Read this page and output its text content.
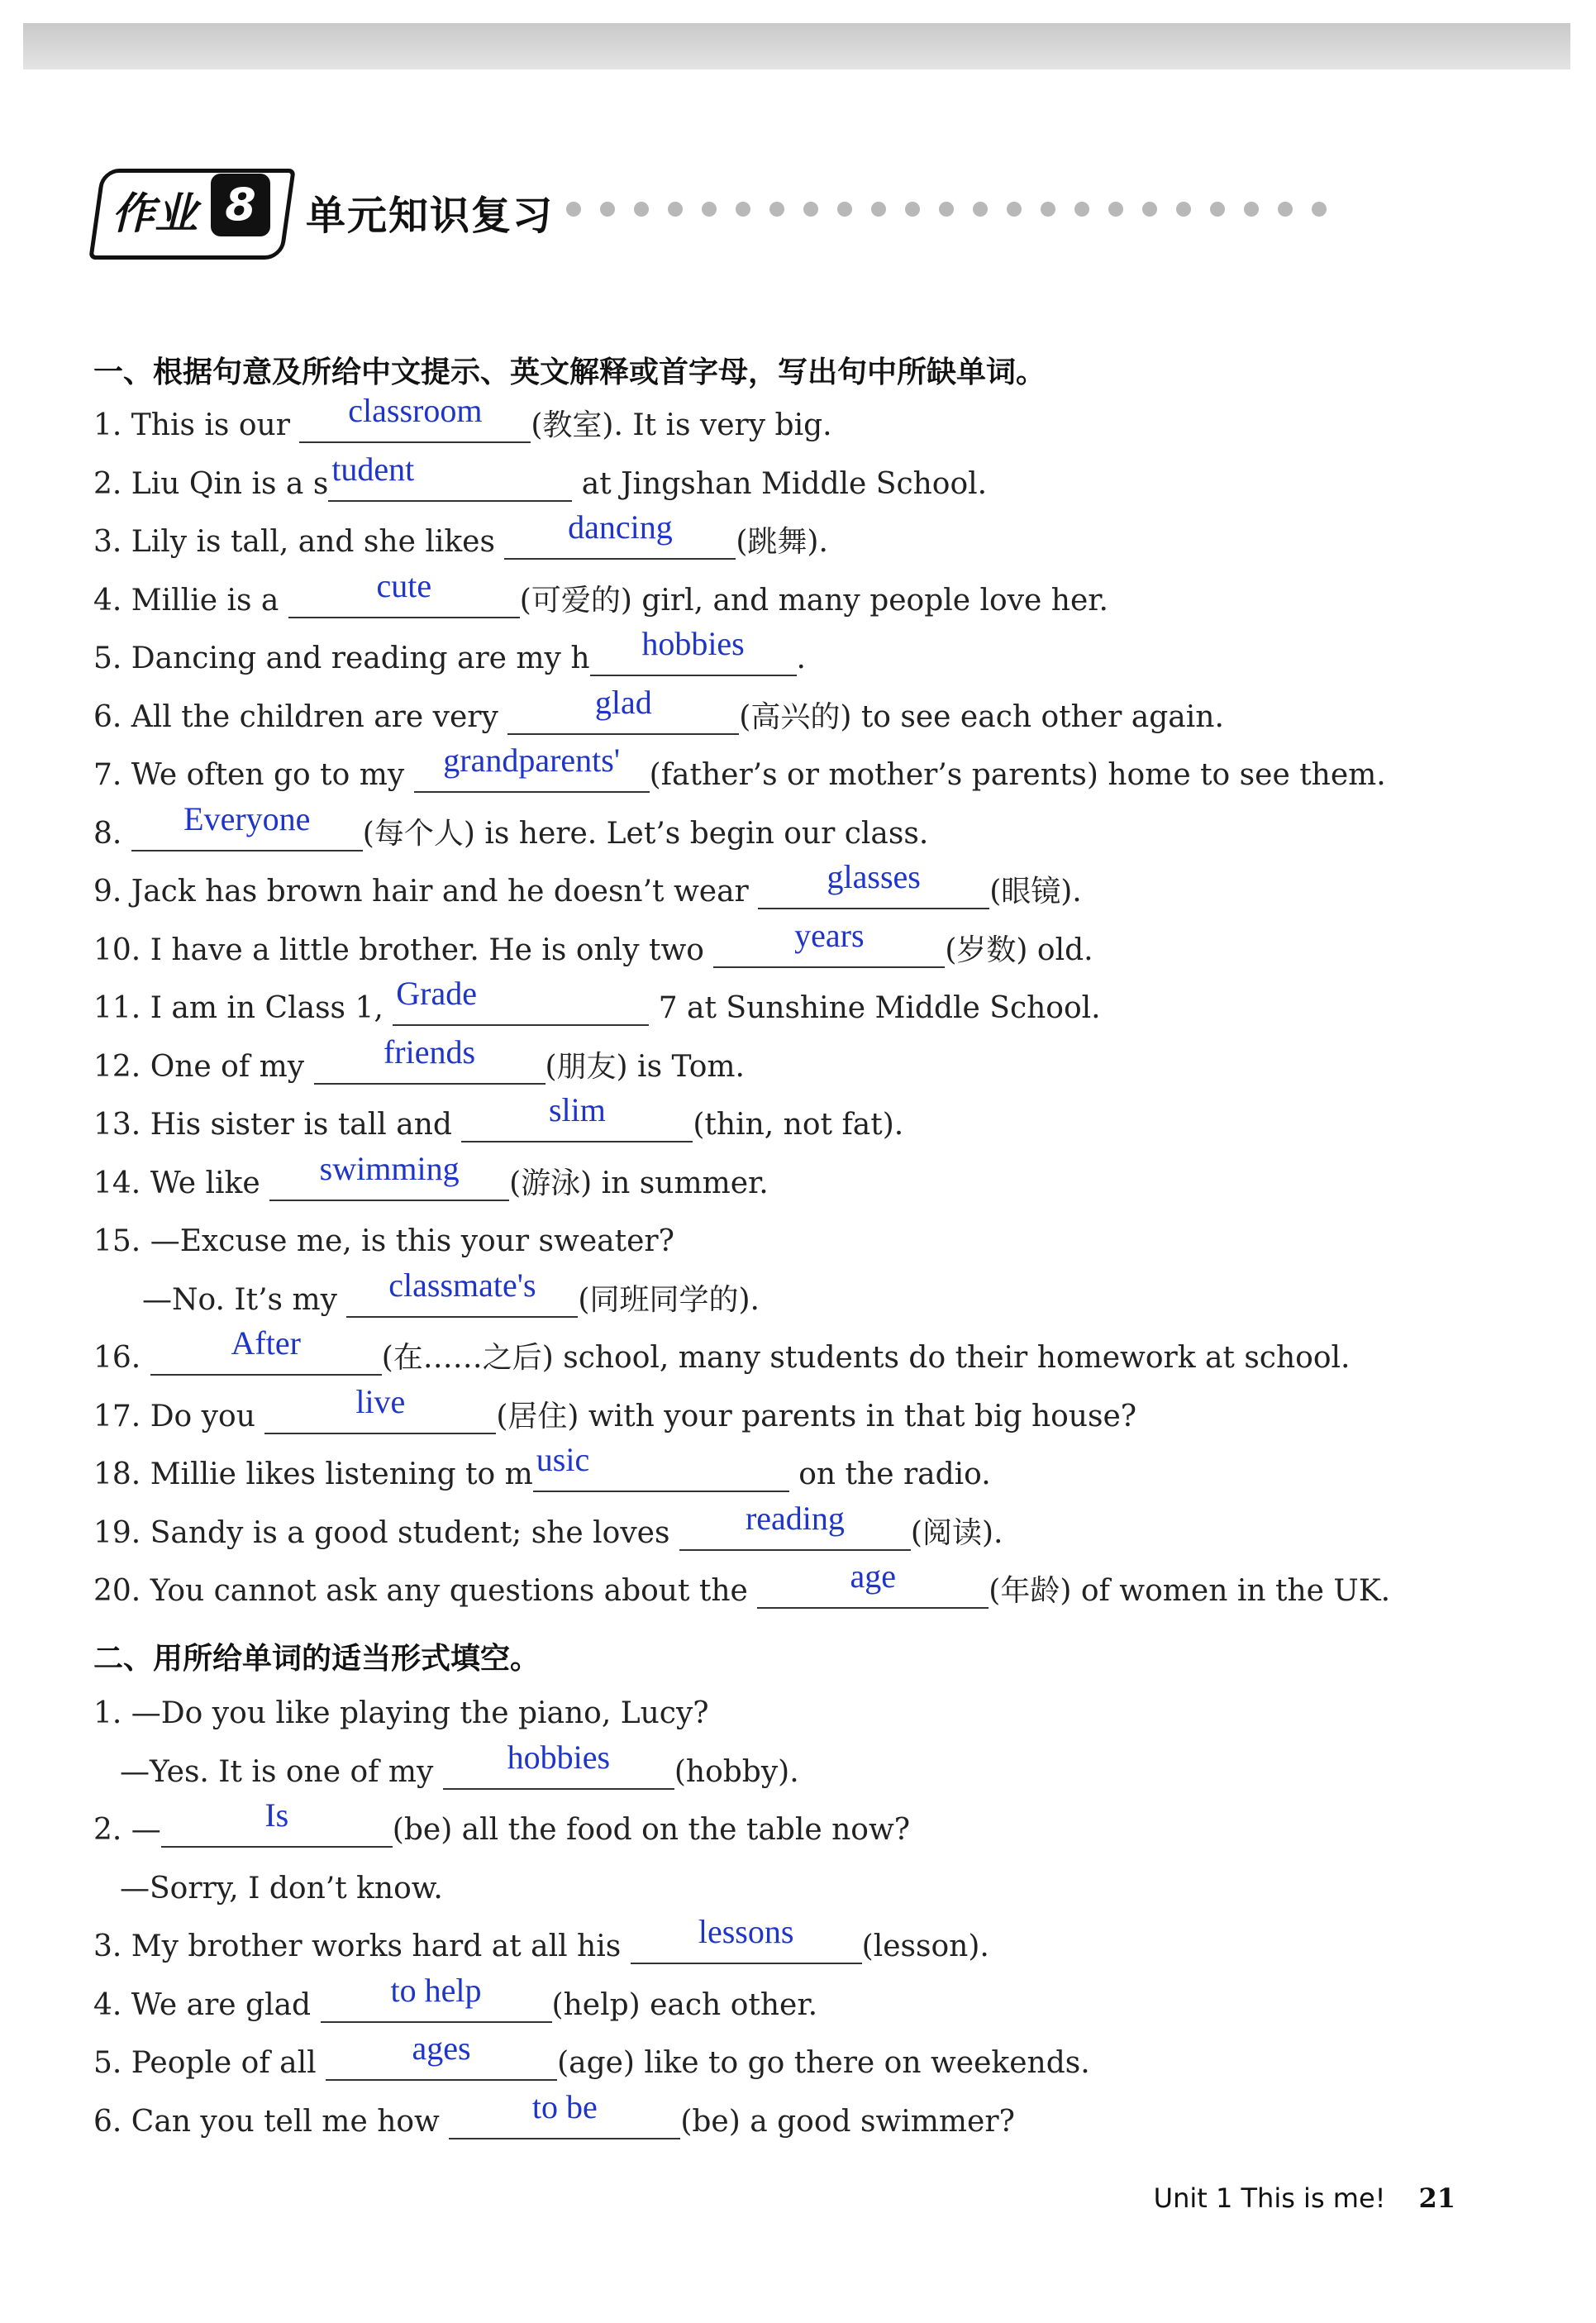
作业 8	单元知识复习
一、根据句意及所给中文提示、英文解释或首字母，写出句中所缺单词。
1. This is our	classroom	(教室). It is very big.
2. Liu Qin is a s tudent	at Jingshan Middle School.
3. Lily is tall, and she likes	dancing	(跳舞).
4. Millie is a	cute	(可爱的) girl, and many people love her.
5. Dancing and reading are my h	hobbies	.
6. All the children are very	glad	(高兴的) to see each other again.
7. We often go to my grandparents' (father’s or mother’s parents) home to see them.
8.	Everyone	(每个人) is here. Let’s begin our class.
9. Jack has brown hair and he doesn’t wear	glasses	(眼镜).
10. I have a little brother. He is only two	years	(岁数) old.
11. I am in Class 1, Grade	7 at Sunshine Middle School.
12. One of my	friends	(朋友) is Tom.
13. His sister is tall and	slim	(thin, not fat).
14. We like	swimming	(游泳) in summer.
15. —Excuse me, is this your sweater?
—No. It’s my	classmate's	(同班同学的).
16.	After	(在……之后) school, many students do their homework at school.
17. Do you	live	(居住) with your parents in that big house?
18. Millie likes listening to m usic	on the radio.
19. Sandy is a good student; she loves	reading	(阅读).
20. You cannot ask any questions about the	age	(年龄) of women in the UK.
二、用所给单词的适当形式填空。
1. —Do you like playing the piano, Lucy?
—Yes. It is one of my	hobbies	(hobby).
2. —	Is	(be) all the food on the table now?
—Sorry, I don’t know.
3. My brother works hard at all his	lessons	(lesson).
4. We are glad	to help	(help) each other.
5. People of all	ages	(age) like to go there on weekends.
6. Can you tell me how	to be	(be) a good swimmer?
Unit 1 This is me! 21
